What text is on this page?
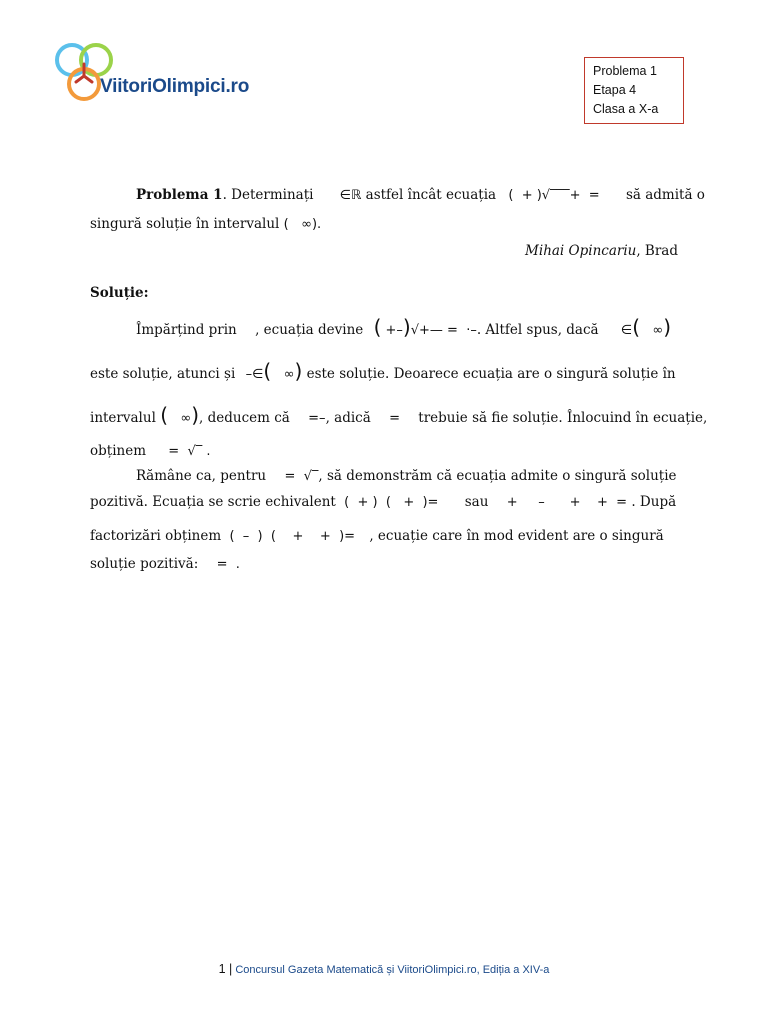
ViitoriOlimpici.ro
Problema 1
Etapa 4
Clasa a X-a
Problema 1. Determinați ∈ℝ astfel încât ecuația (  + )√‾‾‾+  = să admită o
singură soluție în intervalul (   ∞).
Mihai Opincariu, Brad
Soluție:
Împărțind prin , ecuația devine ( +–)√+— =  ·–. Altfel spus, dacă ∈(   ∞)
este soluție, atunci și –∈(   ∞) este soluție. Deoarece ecuația are o singură soluție în
intervalul (   ∞), deducem că =–, adică = trebuie să fie soluție. Înlocuind în ecuație,
obținem =  √‾ .
Rămâne ca, pentru =  √‾, să demonstrăm că ecuația admite o singură soluție
pozitivă. Ecuația se scrie echivalent (  + )  (   +  )= sau +     –      +    +  = . După
factorizări obținem (  –  )  (    +    +  )= , ecuație care în mod evident are o singură
soluție pozitivă: =  .
1 | Concursul Gazeta Matematică și ViitoriOlimpici.ro, Ediția a XIV-a
